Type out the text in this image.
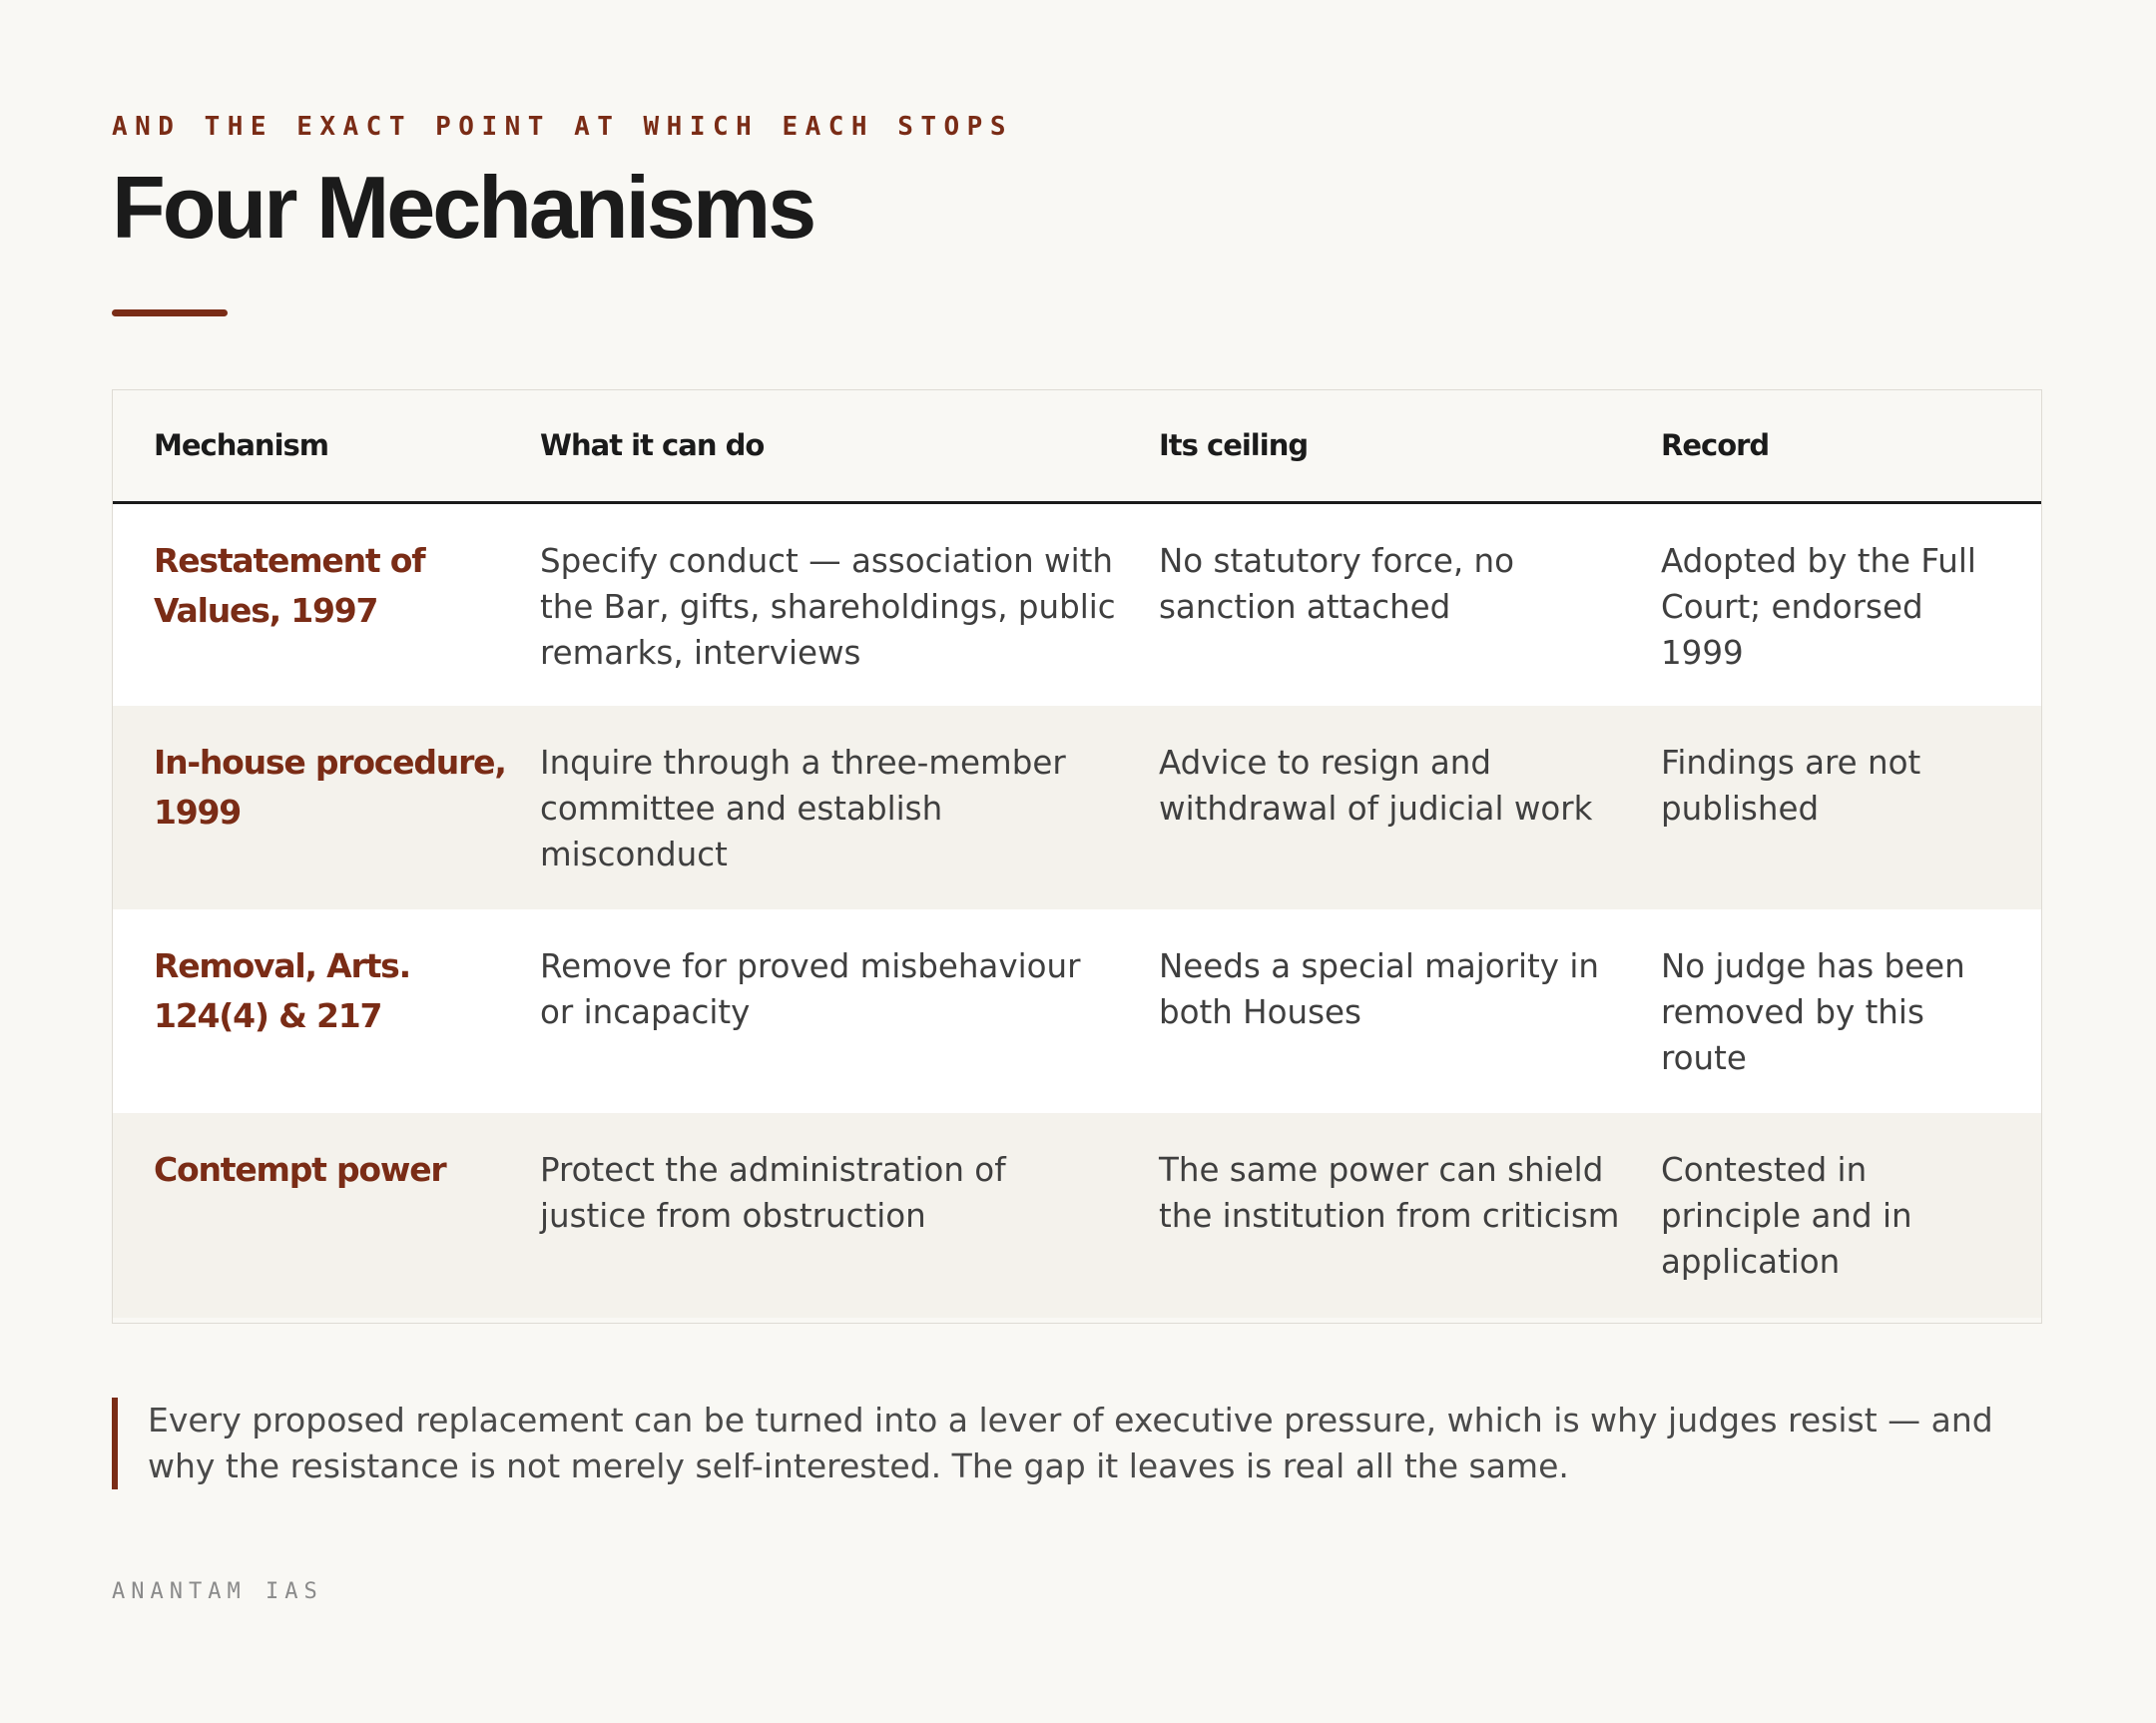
AND THE EXACT POINT AT WHICH EACH STOPS
Four Mechanisms
Mechanism	What it can do	Its ceiling	Record
Restatement of Values, 1997	Specify conduct — association with the Bar, gifts, shareholdings, public remarks, interviews	No statutory force, no sanction attached	Adopted by the Full Court; endorsed 1999
In-house procedure, 1999	Inquire through a three-member committee and establish misconduct	Advice to resign and withdrawal of judicial work	Findings are not published
Removal, Arts. 124(4) & 217	Remove for proved misbehaviour or incapacity	Needs a special majority in both Houses	No judge has been removed by this route
Contempt power	Protect the administration of justice from obstruction	The same power can shield the institution from criticism	Contested in principle and in application
Every proposed replacement can be turned into a lever of executive pressure, which is why judges resist — and why the resistance is not merely self-interested. The gap it leaves is real all the same.
ANANTAM IAS
